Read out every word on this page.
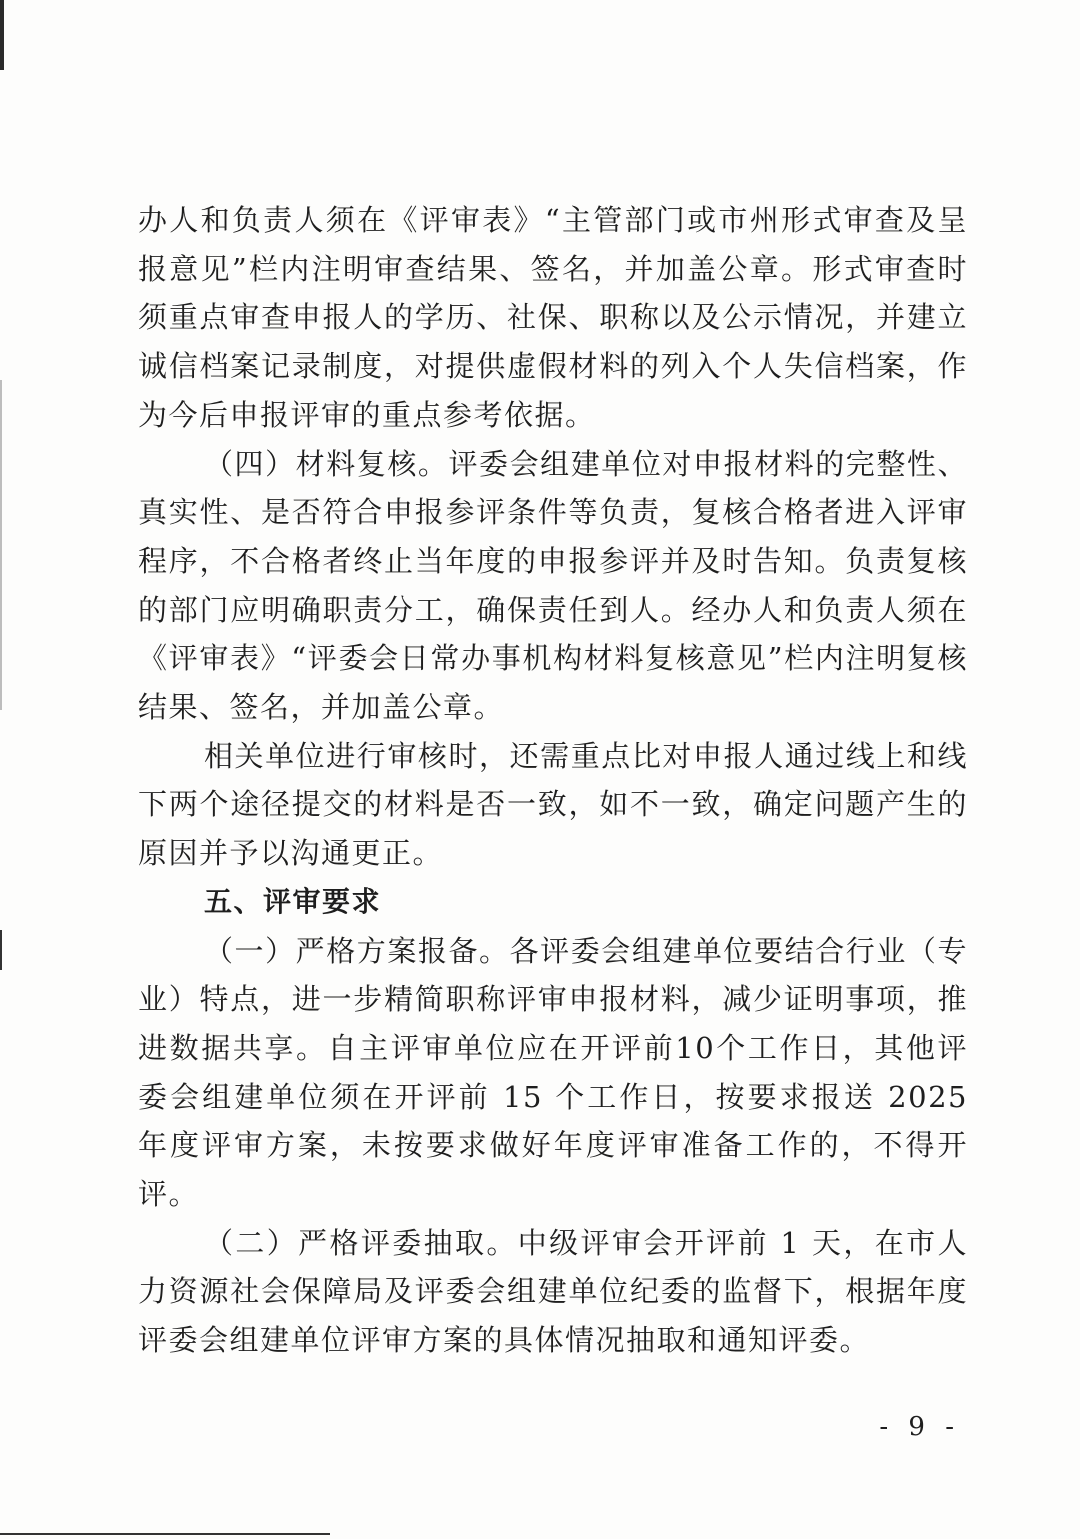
办人和负责人须在《评审表》“主管部门或市州形式审查及呈报意见”栏内注明审查结果、签名，并加盖公章。形式审查时须重点审查申报人的学历、社保、职称以及公示情况，并建立诚信档案记录制度，对提供虚假材料的列入个人失信档案，作为今后申报评审的重点参考依据。

（四）材料复核。评委会组建单位对申报材料的完整性、真实性、是否符合申报参评条件等负责，复核合格者进入评审程序，不合格者终止当年度的申报参评并及时告知。负责复核的部门应明确职责分工，确保责任到人。经办人和负责人须在《评审表》“评委会日常办事机构材料复核意见”栏内注明复核结果、签名，并加盖公章。

相关单位进行审核时，还需重点比对申报人通过线上和线下两个途径提交的材料是否一致，如不一致，确定问题产生的原因并予以沟通更正。

五、评审要求

（一）严格方案报备。各评委会组建单位要结合行业（专业）特点，进一步精简职称评审申报材料，减少证明事项，推进数据共享。自主评审单位应在开评前10个工作日，其他评委会组建单位须在开评前 15 个工作日，按要求报送 2025 年度评审方案，未按要求做好年度评审准备工作的，不得开评。

（二）严格评委抽取。中级评审会开评前 1 天，在市人力资源社会保障局及评委会组建单位纪委的监督下，根据年度评委会组建单位评审方案的具体情况抽取和通知评委。

- 9 -
